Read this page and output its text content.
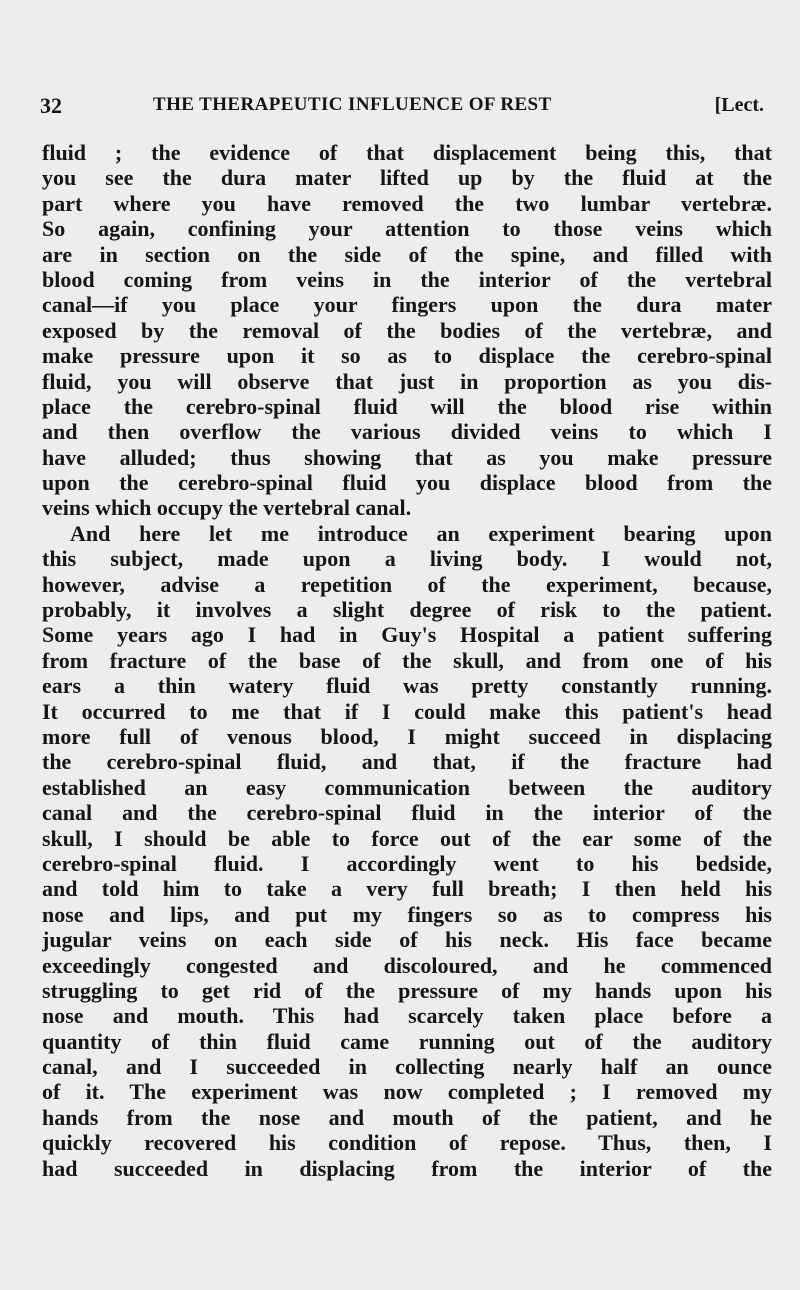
32	THE THERAPEUTIC INFLUENCE OF REST	[Lect.
fluid ; the evidence of that displacement being this, that
you see the dura mater lifted up by the fluid at the
part where you have removed the two lumbar vertebræ.
So again, confining your attention to those veins which
are in section on the side of the spine, and filled with
blood coming from veins in the interior of the vertebral
canal—if you place your fingers upon the dura mater
exposed by the removal of the bodies of the vertebræ, and
make pressure upon it so as to displace the cerebro-spinal
fluid, you will observe that just in proportion as you dis-
place the cerebro-spinal fluid will the blood rise within
and then overflow the various divided veins to which I
have alluded; thus showing that as you make pressure
upon the cerebro-spinal fluid you displace blood from the
veins which occupy the vertebral canal.
And here let me introduce an experiment bearing upon
this subject, made upon a living body. I would not,
however, advise a repetition of the experiment, because,
probably, it involves a slight degree of risk to the patient.
Some years ago I had in Guy's Hospital a patient suffering
from fracture of the base of the skull, and from one of his
ears a thin watery fluid was pretty constantly running.
It occurred to me that if I could make this patient's head
more full of venous blood, I might succeed in displacing
the cerebro-spinal fluid, and that, if the fracture had
established an easy communication between the auditory
canal and the cerebro-spinal fluid in the interior of the
skull, I should be able to force out of the ear some of the
cerebro-spinal fluid. I accordingly went to his bedside,
and told him to take a very full breath; I then held his
nose and lips, and put my fingers so as to compress his
jugular veins on each side of his neck. His face became
exceedingly congested and discoloured, and he commenced
struggling to get rid of the pressure of my hands upon his
nose and mouth. This had scarcely taken place before a
quantity of thin fluid came running out of the auditory
canal, and I succeeded in collecting nearly half an ounce
of it. The experiment was now completed ; I removed my
hands from the nose and mouth of the patient, and he
quickly recovered his condition of repose. Thus, then, I
had succeeded in displacing from the interior of the
